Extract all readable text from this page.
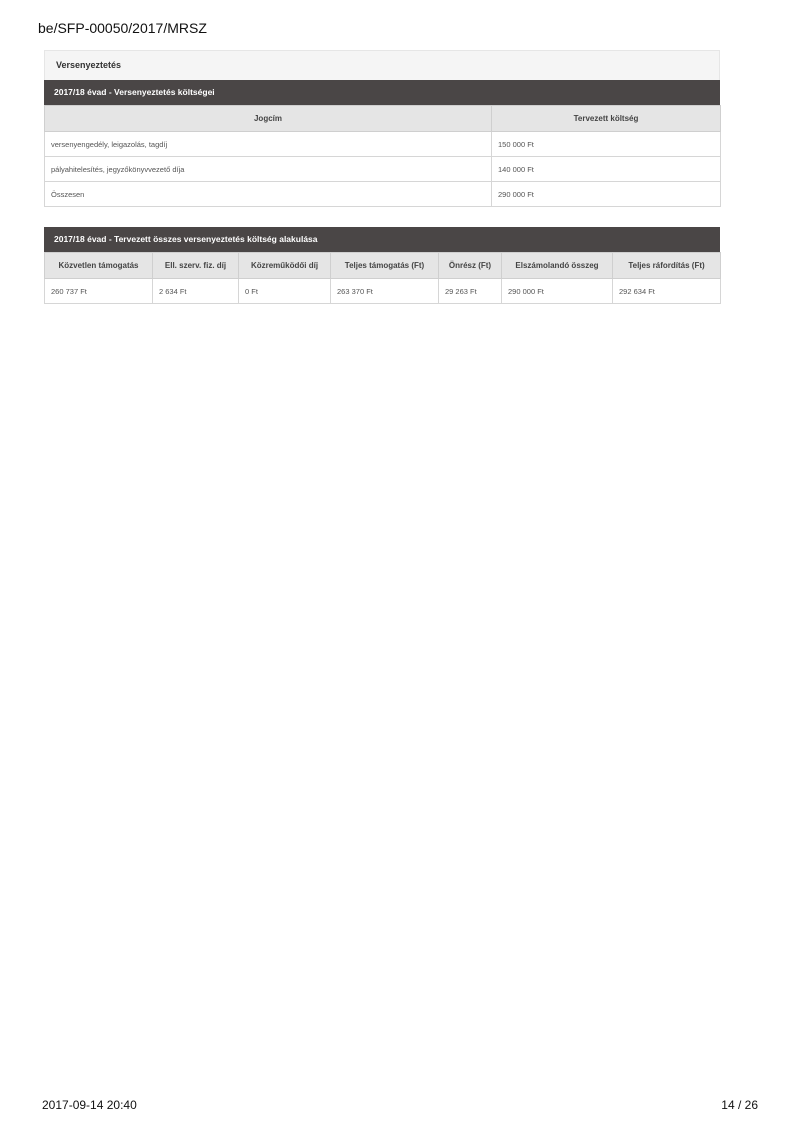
be/SFP-00050/2017/MRSZ
Versenyeztetés
2017/18 évad - Versenyeztetés költségei
Jogcím	Tervezett költség
versenyengedély, leigazolás, tagdíj	150 000 Ft
pályahitelesítés, jegyzőkönyvvezető díja	140 000 Ft
Összesen	290 000 Ft
2017/18 évad - Tervezett összes versenyeztetés költség alakulása
Közvetlen támogatás	Ell. szerv. fiz. díj	Közreműködői díj	Teljes támogatás (Ft)	Önrész (Ft)	Elszámolandó összeg	Teljes ráfordítás (Ft)
260 737 Ft	2 634 Ft	0 Ft	263 370 Ft	29 263 Ft	290 000 Ft	292 634 Ft
2017-09-14 20:40	14 / 26
